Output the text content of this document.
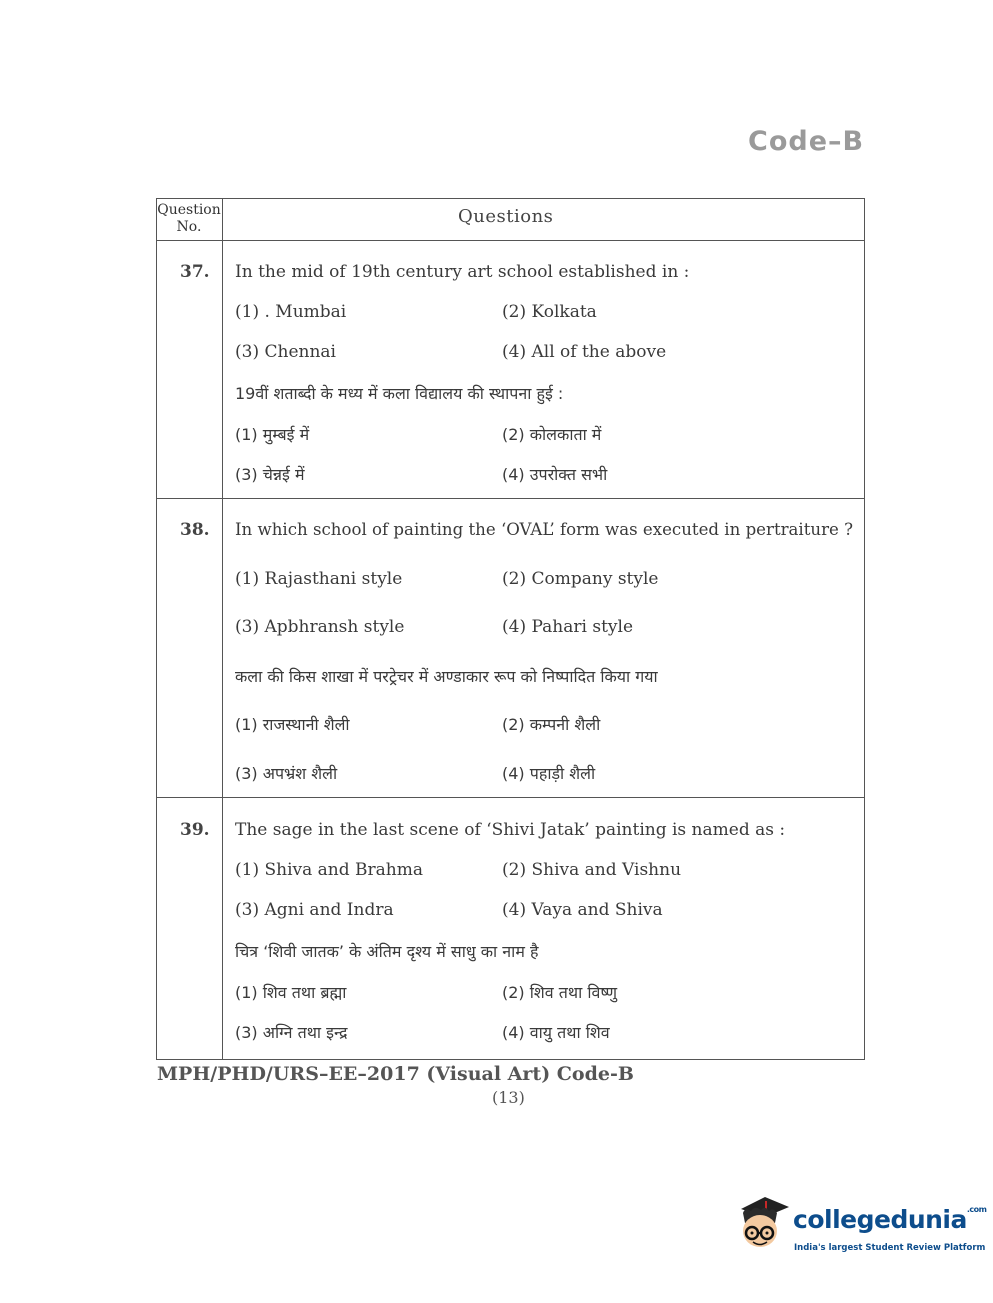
Code–B
Question No.	Questions
37. In the mid of 19th century art school established in :
(1) . Mumbai	(2) Kolkata
(3) Chennai	(4) All of the above
19वीं शताब्दी के मध्य में कला विद्यालय की स्थापना हुई :
(1) मुम्बई में	(2) कोलकाता में
(3) चेन्नई में	(4) उपरोक्त सभी
38. In which school of painting the ‘OVAL’ form was executed in pertraiture ?
(1) Rajasthani style	(2) Company style
(3) Apbhransh style	(4) Pahari style
कला की किस शाखा में परट्रेचर में अण्डाकार रूप को निष्पादित किया गया
(1) राजस्थानी शैली	(2) कम्पनी शैली
(3) अपभ्रंश शैली	(4) पहाड़ी शैली
39. The sage in the last scene of ‘Shivi Jatak’ painting is named as :
(1) Shiva and Brahma	(2) Shiva and Vishnu
(3) Agni and Indra	(4) Vaya and Shiva
चित्र ‘शिवी जातक’ के अंतिम दृश्य में साधु का नाम है
(1) शिव तथा ब्रह्मा	(2) शिव तथा विष्णु
(3) अग्नि तथा इन्द्र	(4) वायु तथा शिव
MPH/PHD/URS–EE–2017 (Visual Art) Code-B
(13)
collegedunia$^{.com}$
India's largest Student Review Platform
